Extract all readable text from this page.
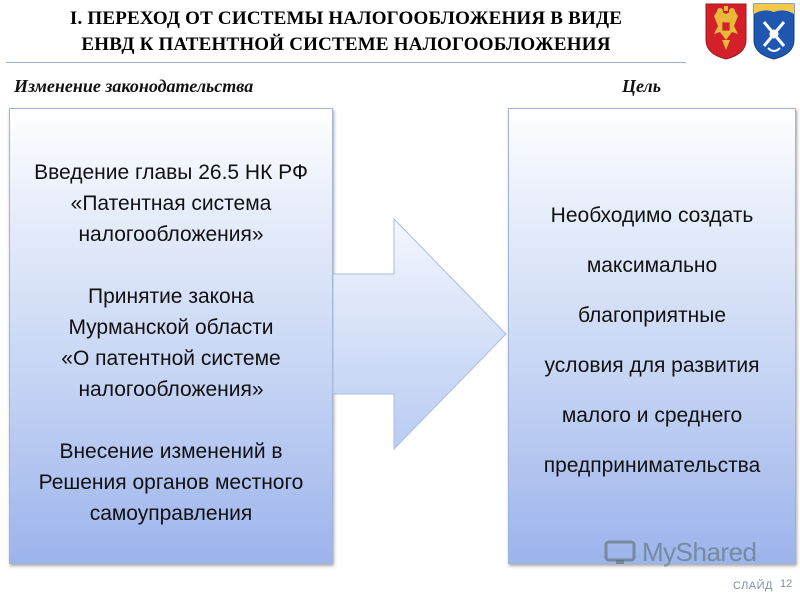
I. ПЕРЕХОД ОТ СИСТЕМЫ НАЛОГООБЛОЖЕНИЯ В ВИДЕ
ЕНВД К ПАТЕНТНОЙ СИСТЕМЕ НАЛОГООБЛОЖЕНИЯ
Изменение законодательства	Цель
Введение главы 26.5 НК РФ
«Патентная система
налогообложения»
Принятие закона
Мурманской области
«О патентной системе
налогообложения»
Внесение изменений в
Решения органов местного
самоуправления
Необходимо создать
максимально
благоприятные
условия для развития
малого и среднего
предпринимательства
MyShared
СЛАЙД 12
